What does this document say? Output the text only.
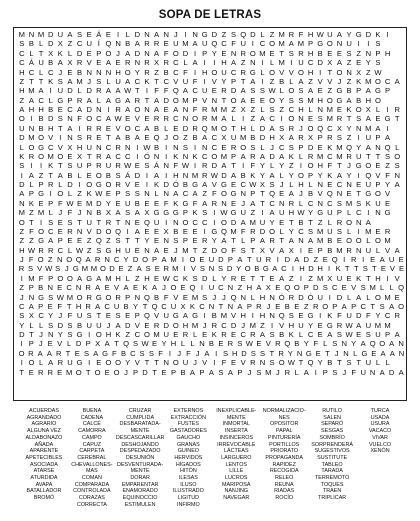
SOPA DE LETRAS
M N M D U A S E Á E I L D N A N J I N G D Z S Q D L Z M R F H W U A Y G D K I
S B L D X Z C U Í Q N B A R R E U M A U Q C F U I C O M A M P G O N U I I S
C L T X K L D E P O J A D N A F O D I P Y E N R O M E T S R H B E E S Z N P H
C Á U B A X R V E A E R N R X R C L A I I H A Z N I L M I U C D X A Z E Y S
H C L C J E B N N N H O Y R Z B C F I H O U C R G L O V V O H I T O N X Z W
Z T T K S A M J S L U A C K T C V U F I V Y P T A I Z B L A Z V V J Z K M O C A
H M A I U D L D R A A W T I F F Q A C U E R D A S S W L O S A E Z G B P A G P
Z A C L G P R A L A G A R T A D O M P V N T O A E E O Y S S M H O G A B H O
A H H B E C A D N I R A O N A E A N F R M M Z X Z L S Z C H L N M E K O X L I R
O I B D S N F O C A W E V E R R C N O R M A L I Z A C I O N E S M R T S A E G T
U N B H T A I R R E V O C A B L E D R Q M O T H L D A S R J O Q C X Y N M A I
D M O V I N S R E T A B A E Q J O Z B A C X U M B D H X A R X P R S Z I U P A
L O G C V X H U N C R N I W B I N S I N C E R O S L J C S P D E K M Q Y A N Q L
K R O M O E X T R A C C I Ó N I K N K C O M P A R A D A K L R M C M R U T T S O
S I I K T S U P R U R W E S Á N F W I R D A T I F Y L Y Z I O H F T J G O E Z S
I A Z T A B L E O B S Á D I A I H N M R W D A B K Y A L Y O P Y K A Y I Q V F N
D L P R L D I O G O R V E I K D Ó B G A V G E C W X S J L H L N E C N E U P Y A
A P G I O L Z K W E P S S N L N A C A Z F O G N P T Q E A J B V Q N E T G O V
N K E P F W E M D Y E U B E E F K G F A R N E J A T C N R L C N C S M S K U E
M Z M L J F J N B X A S A X G G G P K S I W G U Z I A U H W Y G U P L C I N G
O T I S E S T U T R T N E Q U I N O C C I O D A M U Y E T B T Z L R O N A
Z F O C E R N V D O Q I A E E X B E E I G Q M F R D O L Y C S M U S L I M E R
Z Z G A P E E Z Q Z S T T Y E N S P E R Y A T L P A R T A N A M B E O O L O M
H W R R C L W Z S G H U E N A E J M T Z D O F S T X V A X I E P B M R N U L V A
J F O Z N O Q A R N C Y D O P A M I O E U D P A T U R I D A D Z E Q I R I E A U E
R S V W S J G M M O D E Z A S E R M I V S N S D Y O B G A C I H D H I K T T S T E V E
I M F P O O A G A M H L Z H E W C K S D L Y R E T T E A Z I Z M X U E K T H I V
Z P B N E C N R A E V A E K A J O E Q I U C N Z H A X E Q O P D S C E V S M L L Q
J N G S W M O R G O R P N Q B F V E M S J J Q N L H N Ó R D Ó U I D L A L O M E
C A P E F T H R A C U B Y T Q C U X K C N T N A P R J E B E Z R O P A P C T S A O
S X C Y J F U S T E S E P Q V U G A G I B M V H I H N Q S E G I K F U D F Y C R
Y L L S D S B U U J A D V E R D O H M J R C D J M Z I V H U Y E G R W A U M M
D T J N Y S G I O H K Z C O M U E R L E K R E C R A S B K L C E A S W E S U P A
I P J E V L D P X A T Q S W E Y H L L N B E R S W E V R Q B Y F L S N Y A Q O A N
O R A A R T E S A G F B C S S F I J F J A I S H D S S T R Y N G E T J N L G E A A N
I O L A R U G I E O O Y V T T N O U J V I F E V R N S O W T Q Y B T S T U L L
T E R R E M O T O E O J P D T E P B A P A S A P J S M J R L A I P S J F U N A D A
ACUERDAS
AGRANDADO
AGRARIO
ALGUNA VEZ
ALDABONAZO
AÑADA
APARENTE
APETECIBLES
ASOCIADA
ATARSE
ATURDIDA
AVAPA
BATALLADOR
BROMÓ
BUENA
CADENA
CALCÉ
CAMORRA
CAMPO
CAPUZ
CARPETA
CEREBRAL
CHEVALLONES-
MAS
COMAN
COMPARADA
CONTROLADA
CORAZAS
CORRECTA
CRUZAR
CUMPLIDA
DESBARATADA-
MENTE
DESCASCARILLAR
DESHOJANDO
DESPEDAZADO
DESUNIÓN
DESVENTURADA-
MENTE
DORAR
EMPARENTAR
ENAMORADO
EQUINOCCIO
ESTIMULEN
EXTERNOS
EXTRACCIÓN
FUSTES
GASTADORES
GAUCHO
GRANAS
GUINEO
HERVIDOS
HÍGADOS
HITÓN
ILESAS
ILUSO
ILUSTRADO
LIGITUD
INFIRMO
INEXPLICABLE-
MENTE
INMORTAL
INSERTA
INSINCEROS
IRREVOCABLE
LÁCTEAS
LARGUERO
LENTOS
LILLE
LUCROS
MARIPOSA
NANJING
NAVEGAR
NORMALIZACIO-
NES
OPOSITOR
PAPAL
PINTURERÍA
PORTILLOS
PRIORATO
PROPAGANDA
RAPIDEZ
RECOGIDA
RELEO
REUNA
RIADAS
ROCÍO
RUTILO
SALEN
SEPARÓ
SESGAS
SOMBRÍO
SORPRENDERÁ
SUGESTIVOS
SUSTITUTE
TABLEO
TARADA
TERREMOTO
TOQUES
TRAEN
TRIPLICAR
TURCA
USADA
USURA
VACACO
VIVAR
VUELCO
XENÓN
